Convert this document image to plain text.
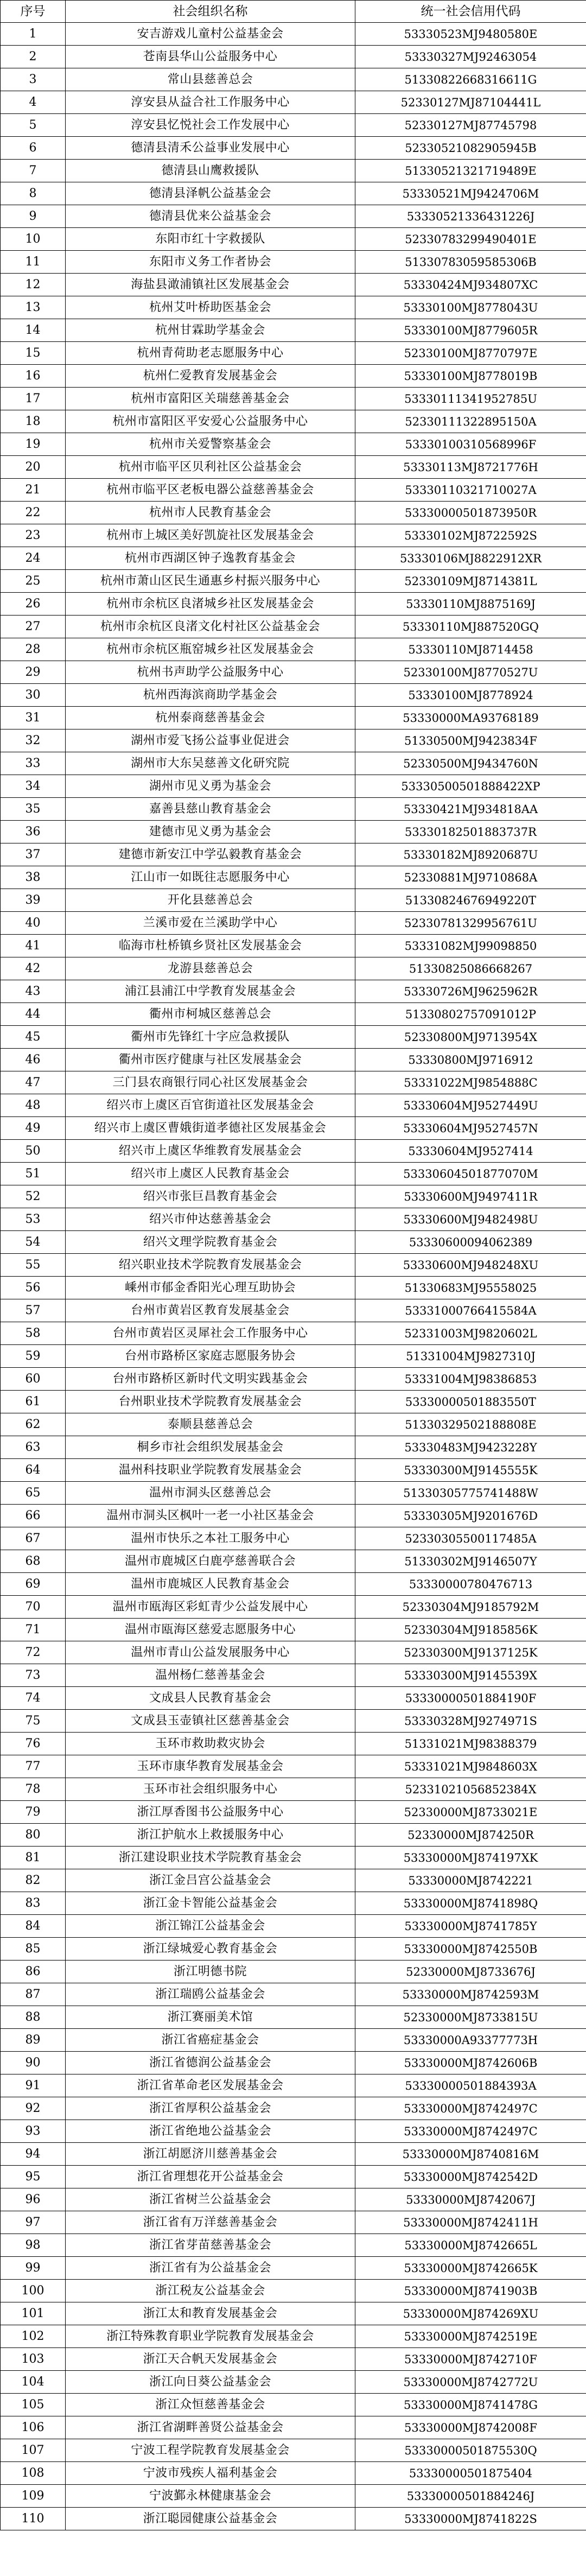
序号	社会组织名称	统一社会信用代码
1	安吉游戏儿童村公益基金会	53330523MJ9480580E
2	苍南县华山公益服务中心	53330327MJ92463054
3	常山县慈善总会	51330822668316611G
4	淳安县从益合社工作服务中心	52330127MJ87104441L
5	淳安县忆悦社会工作发展中心	52330127MJ87745798
6	德清县清禾公益事业发展中心	52330521082905945B
7	德清县山鹰救援队	51330521321719489E
8	德清县泽帆公益基金会	53330521MJ9424706M
9	德清县优来公益基金会	53330521336431226J
10	东阳市红十字救援队	52330783299490401E
11	东阳市义务工作者协会	51330783059585306B
12	海盐县澉浦镇社区发展基金会	53330424MJ934807XC
13	杭州艾叶桥助医基金会	53330100MJ8778043U
14	杭州甘霖助学基金会	53330100MJ8779605R
15	杭州青荷助老志愿服务中心	52330100MJ8770797E
16	杭州仁爱教育发展基金会	53330100MJ8778019B
17	杭州市富阳区关瑞慈善基金会	53330111341952785U
18	杭州市富阳区平安爱心公益服务中心	52330111322895150A
19	杭州市关爱警察基金会	53330100310568996F
20	杭州市临平区贝利社区公益基金会	53330113MJ8721776H
21	杭州市临平区老板电器公益慈善基金会	53330110321710027A
22	杭州市人民教育基金会	53330000501873950R
23	杭州市上城区美好凯旋社区发展基金会	53330102MJ8722592S
24	杭州市西湖区钟子逸教育基金会	53330106MJ8822912XR
25	杭州市萧山区民生通惠乡村振兴服务中心	52330109MJ8714381L
26	杭州市余杭区良渚城乡社区发展基金会	53330110MJ8875169J
27	杭州市余杭区良渚文化村社区公益基金会	53330110MJ887520GQ
28	杭州市余杭区瓶窑城乡社区发展基金会	53330110MJ8714458
29	杭州书声助学公益服务中心	52330100MJ8770527U
30	杭州西海滨商助学基金会	53330100MJ8778924
31	杭州泰商慈善基金会	53330000MA93768189
32	湖州市爱飞扬公益事业促进会	51330500MJ9423834F
33	湖州市大东吴慈善文化研究院	52330500MJ9434760N
34	湖州市见义勇为基金会	53330500501888422XP
35	嘉善县慈山教育基金会	53330421MJ934818AA
36	建德市见义勇为基金会	53330182501883737R
37	建德市新安江中学弘毅教育基金会	53330182MJ8920687U
38	江山市一如既往志愿服务中心	52330881MJ9710868A
39	开化县慈善总会	51330824676949220T
40	兰溪市爱在兰溪助学中心	52330781329956761U
41	临海市杜桥镇乡贤社区发展基金会	53331082MJ99098850
42	龙游县慈善总会	51330825086668267
43	浦江县浦江中学教育发展基金会	53330726MJ9625962R
44	衢州市柯城区慈善总会	51330802757091012P
45	衢州市先锋红十字应急救援队	52330800MJ9713954X
46	衢州市医疗健康与社区发展基金会	53330800MJ9716912
47	三门县农商银行同心社区发展基金会	53331022MJ9854888C
48	绍兴市上虞区百官街道社区发展基金会	53330604MJ9527449U
49	绍兴市上虞区曹娥街道孝德社区发展基金会	53330604MJ9527457N
50	绍兴市上虞区华维教育发展基金会	53330604MJ9527414
51	绍兴市上虞区人民教育基金会	53330604501877070M
52	绍兴市张巨昌教育基金会	53330600MJ9497411R
53	绍兴市仲达慈善基金会	53330600MJ9482498U
54	绍兴文理学院教育基金会	53330600094062389
55	绍兴职业技术学院教育发展基金会	53330600MJ948248XU
56	嵊州市郁金香阳光心理互助协会	51330683MJ95558025
57	台州市黄岩区教育发展基金会	53331000766415584A
58	台州市黄岩区灵犀社会工作服务中心	52331003MJ9820602L
59	台州市路桥区家庭志愿服务协会	51331004MJ9827310J
60	台州市路桥区新时代文明实践基金会	53331004MJ98386853
61	台州职业技术学院教育发展基金会	53330000501883550T
62	泰顺县慈善总会	51330329502188808E
63	桐乡市社会组织发展基金会	53330483MJ9423228Y
64	温州科技职业学院教育发展基金会	53330300MJ9145555K
65	温州市洞头区慈善总会	51330305775741488W
66	温州市洞头区枫叶一老一小社区基金会	53330305MJ9201676D
67	温州市快乐之本社工服务中心	52330305500117485A
68	温州市鹿城区白鹿亭慈善联合会	51330302MJ9146507Y
69	温州市鹿城区人民教育基金会	53330000780476713
70	温州市瓯海区彩虹青少公益发展中心	52330304MJ9185792M
71	温州市瓯海区慈爱志愿服务中心	52330304MJ9185856K
72	温州市青山公益发展服务中心	52330300MJ9137125K
73	温州杨仁慈善基金会	53330300MJ9145539X
74	文成县人民教育基金会	53330000501884190F
75	文成县玉壶镇社区慈善基金会	53330328MJ9274971S
76	玉环市救助救灾协会	51331021MJ98388379
77	玉环市康华教育发展基金会	53331021MJ9848603X
78	玉环市社会组织服务中心	52331021056852384X
79	浙江厚香图书公益服务中心	52330000MJ8733021E
80	浙江护航水上救援服务中心	52330000MJ874250R
81	浙江建设职业技术学院教育基金会	53330000MJ874197XK
82	浙江金吕宫公益基金会	53330000MJ8742221
83	浙江金卡智能公益基金会	53330000MJ8741898Q
84	浙江锦江公益基金会	53330000MJ8741785Y
85	浙江绿城爱心教育基金会	53330000MJ8742550B
86	浙江明德书院	52330000MJ8733676J
87	浙江瑞鸥公益基金会	53330000MJ8742593M
88	浙江赛丽美术馆	52330000MJ8733815U
89	浙江省癌症基金会	53330000A93377773H
90	浙江省德润公益基金会	53330000MJ8742606B
91	浙江省革命老区发展基金会	53330000501884393A
92	浙江省厚积公益基金会	53330000MJ8742497C
93	浙江省绝地公益基金会	53330000MJ8742497C
94	浙江胡愿济川慈善基金会	53330000MJ8740816M
95	浙江省理想花开公益基金会	53330000MJ8742542D
96	浙江省树兰公益基金会	53330000MJ8742067J
97	浙江省有万洋慈善基金会	53330000MJ8742411H
98	浙江省芽苗慈善基金会	53330000MJ8742665L
99	浙江省有为公益基金会	53330000MJ8742665K
100	浙江税友公益基金会	53330000MJ8741903B
101	浙江太和教育发展基金会	53330000MJ874269XU
102	浙江特殊教育职业学院教育发展基金会	53330000MJ8742519E
103	浙江天合帆天发展基金会	53330000MJ8742710F
104	浙江向日葵公益基金会	53330000MJ8742772U
105	浙江众恒慈善基金会	53330000MJ8741478G
106	浙江省湖畔善贤公益基金会	53330000MJ8742008F
107	宁波工程学院教育发展基金会	53330000501875530Q
108	宁波市残疾人福利基金会	53330000501875404
109	宁波鄞永林健康基金会	53330000501884246J
110	浙江聪园健康公益基金会	53330000MJ8741822S
